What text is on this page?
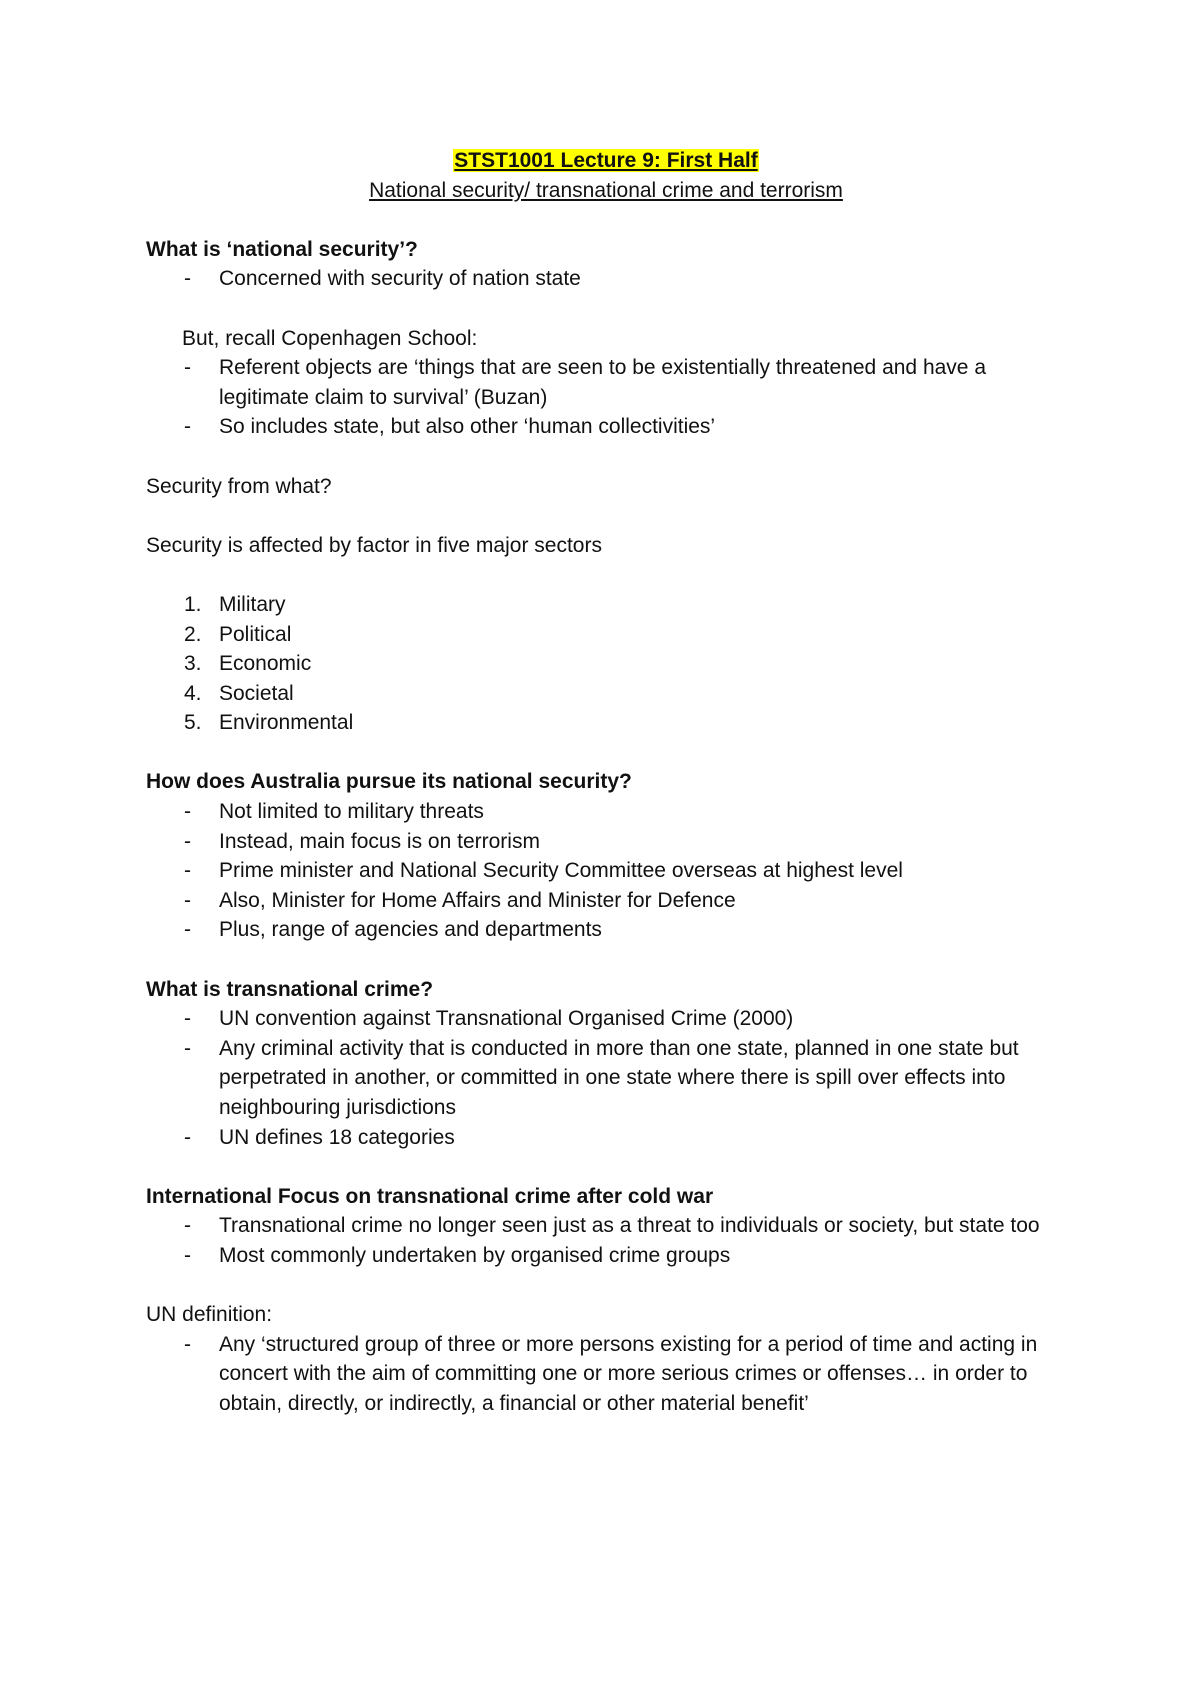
STST1001 Lecture 9: First Half

National security/ transnational crime and terrorism

What is ‘national security’?

- Concerned with security of nation state

But, recall Copenhagen School:

- Referent objects are ‘things that are seen to be existentially threatened and have a legitimate claim to survival’ (Buzan)
- So includes state, but also other ‘human collectivities’

Security from what?

Security is affected by factor in five major sectors

1. Military
2. Political
3. Economic
4. Societal
5. Environmental

How does Australia pursue its national security?

- Not limited to military threats
- Instead, main focus is on terrorism
- Prime minister and National Security Committee overseas at highest level
- Also, Minister for Home Affairs and Minister for Defence
- Plus, range of agencies and departments

What is transnational crime?

- UN convention against Transnational Organised Crime (2000)
- Any criminal activity that is conducted in more than one state, planned in one state but perpetrated in another, or committed in one state where there is spill over effects into neighbouring jurisdictions
- UN defines 18 categories

International Focus on transnational crime after cold war

- Transnational crime no longer seen just as a threat to individuals or society, but state too
- Most commonly undertaken by organised crime groups

UN definition:

- Any ‘structured group of three or more persons existing for a period of time and acting in concert with the aim of committing one or more serious crimes or offenses… in order to obtain, directly, or indirectly, a financial or other material benefit’
